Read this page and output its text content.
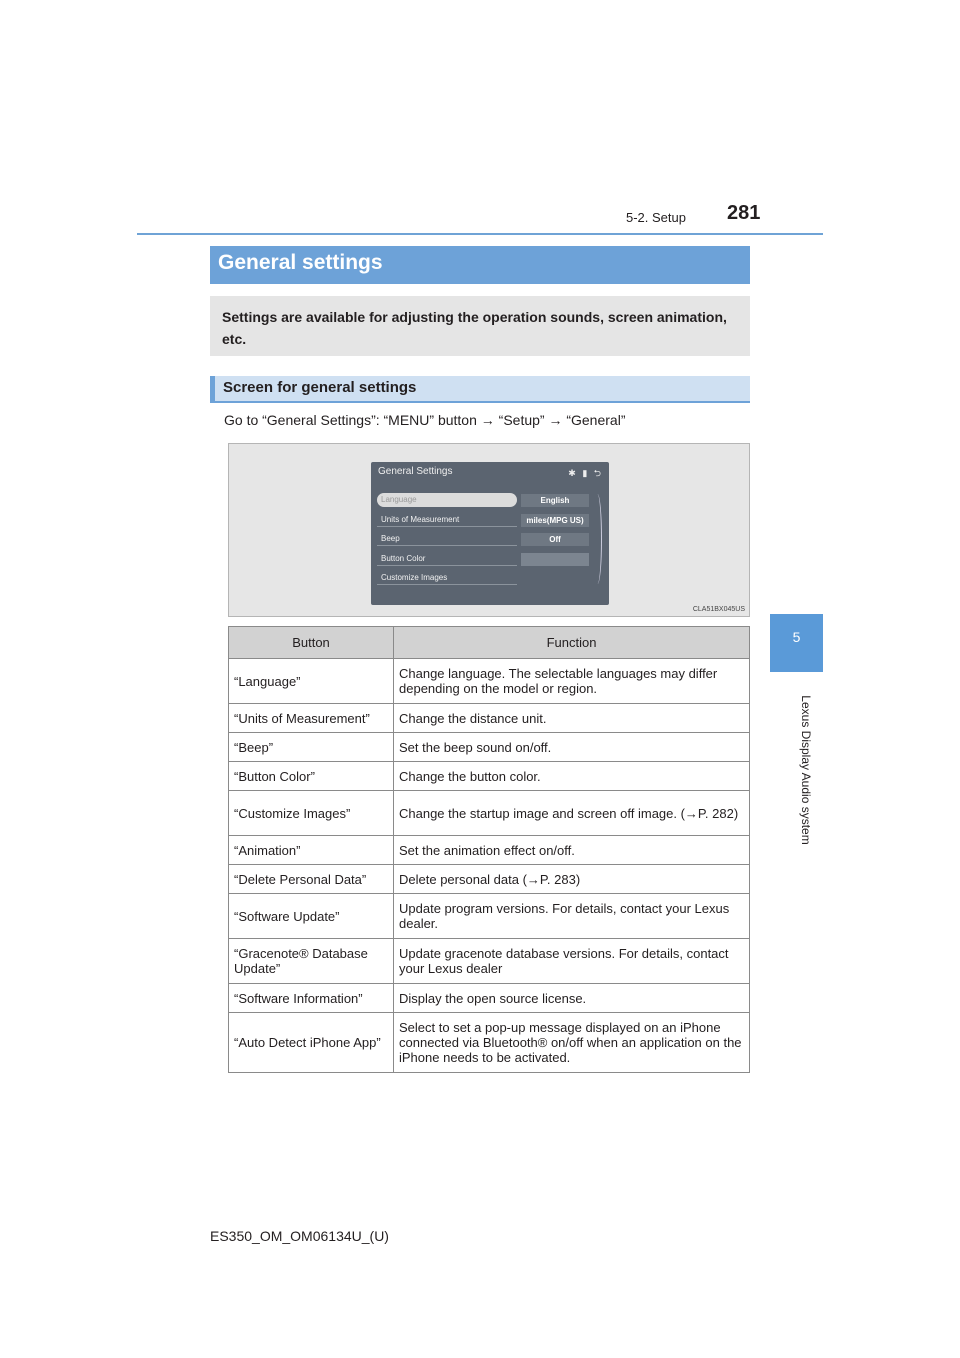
5-2. Setup 281
5
Lexus Display Audio system
General settings

Settings are available for adjusting the operation sounds, screen animation, etc.

Screen for general settings
Go to “General Settings”: “MENU” button → “Setup” → “General”
General Settings	✱ ▮ ⮌
Language	English
Units of Measurement	miles(MPG US)
Beep	Off
Button Color
Customize Images
CLA51BX045US
Button	Function
“Language”	Change language. The selectable languages may differ depending on the model or region.
“Units of Measurement”	Change the distance unit.
“Beep”	Set the beep sound on/off.
“Button Color”	Change the button color.
“Customize Images”	Change the startup image and screen off image. (→P. 282)
“Animation”	Set the animation effect on/off.
“Delete Personal Data”	Delete personal data (→P. 283)
“Software Update”	Update program versions. For details, contact your Lexus dealer.
“Gracenote® Database Update”	Update gracenote database versions. For details, contact your Lexus dealer
“Software Information”	Display the open source license.
“Auto Detect iPhone App”	Select to set a pop-up message displayed on an iPhone connected via Bluetooth® on/off when an application on the iPhone needs to be activated.
ES350_OM_OM06134U_(U)
